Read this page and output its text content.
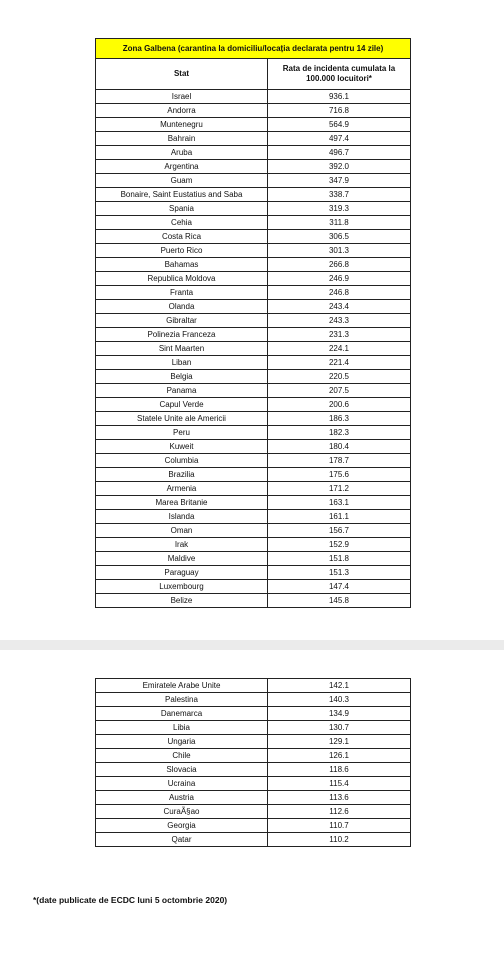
Zona Galbena (carantina la domiciliu/locația declarata pentru 14 zile)	
Stat	Rata de incidenta cumulata la 100.000 locuitori*
Israel	936.1
Andorra	716.8
Muntenegru	564.9
Bahrain	497.4
Aruba	496.7
Argentina	392.0
Guam	347.9
Bonaire, Saint Eustatius and Saba	338.7
Spania	319.3
Cehia	311.8
Costa Rica	306.5
Puerto Rico	301.3
Bahamas	266.8
Republica Moldova	246.9
Franta	246.8
Olanda	243.4
Gibraltar	243.3
Polinezia Franceza	231.3
Sint Maarten	224.1
Liban	221.4
Belgia	220.5
Panama	207.5
Capul Verde	200.6
Statele Unite ale Americii	186.3
Peru	182.3
Kuweit	180.4
Columbia	178.7
Brazilia	175.6
Armenia	171.2
Marea Britanie	163.1
Islanda	161.1
Oman	156.7
Irak	152.9
Maldive	151.8
Paraguay	151.3
Luxembourg	147.4
Belize	145.8
Emiratele Arabe Unite	142.1
Palestina	140.3
Danemarca	134.9
Libia	130.7
Ungaria	129.1
Chile	126.1
Slovacia	118.6
Ucraina	115.4
Austria	113.6
CuraÃ§ao	112.6
Georgia	110.7
Qatar	110.2
*(date publicate de ECDC luni 5 octombrie 2020)
